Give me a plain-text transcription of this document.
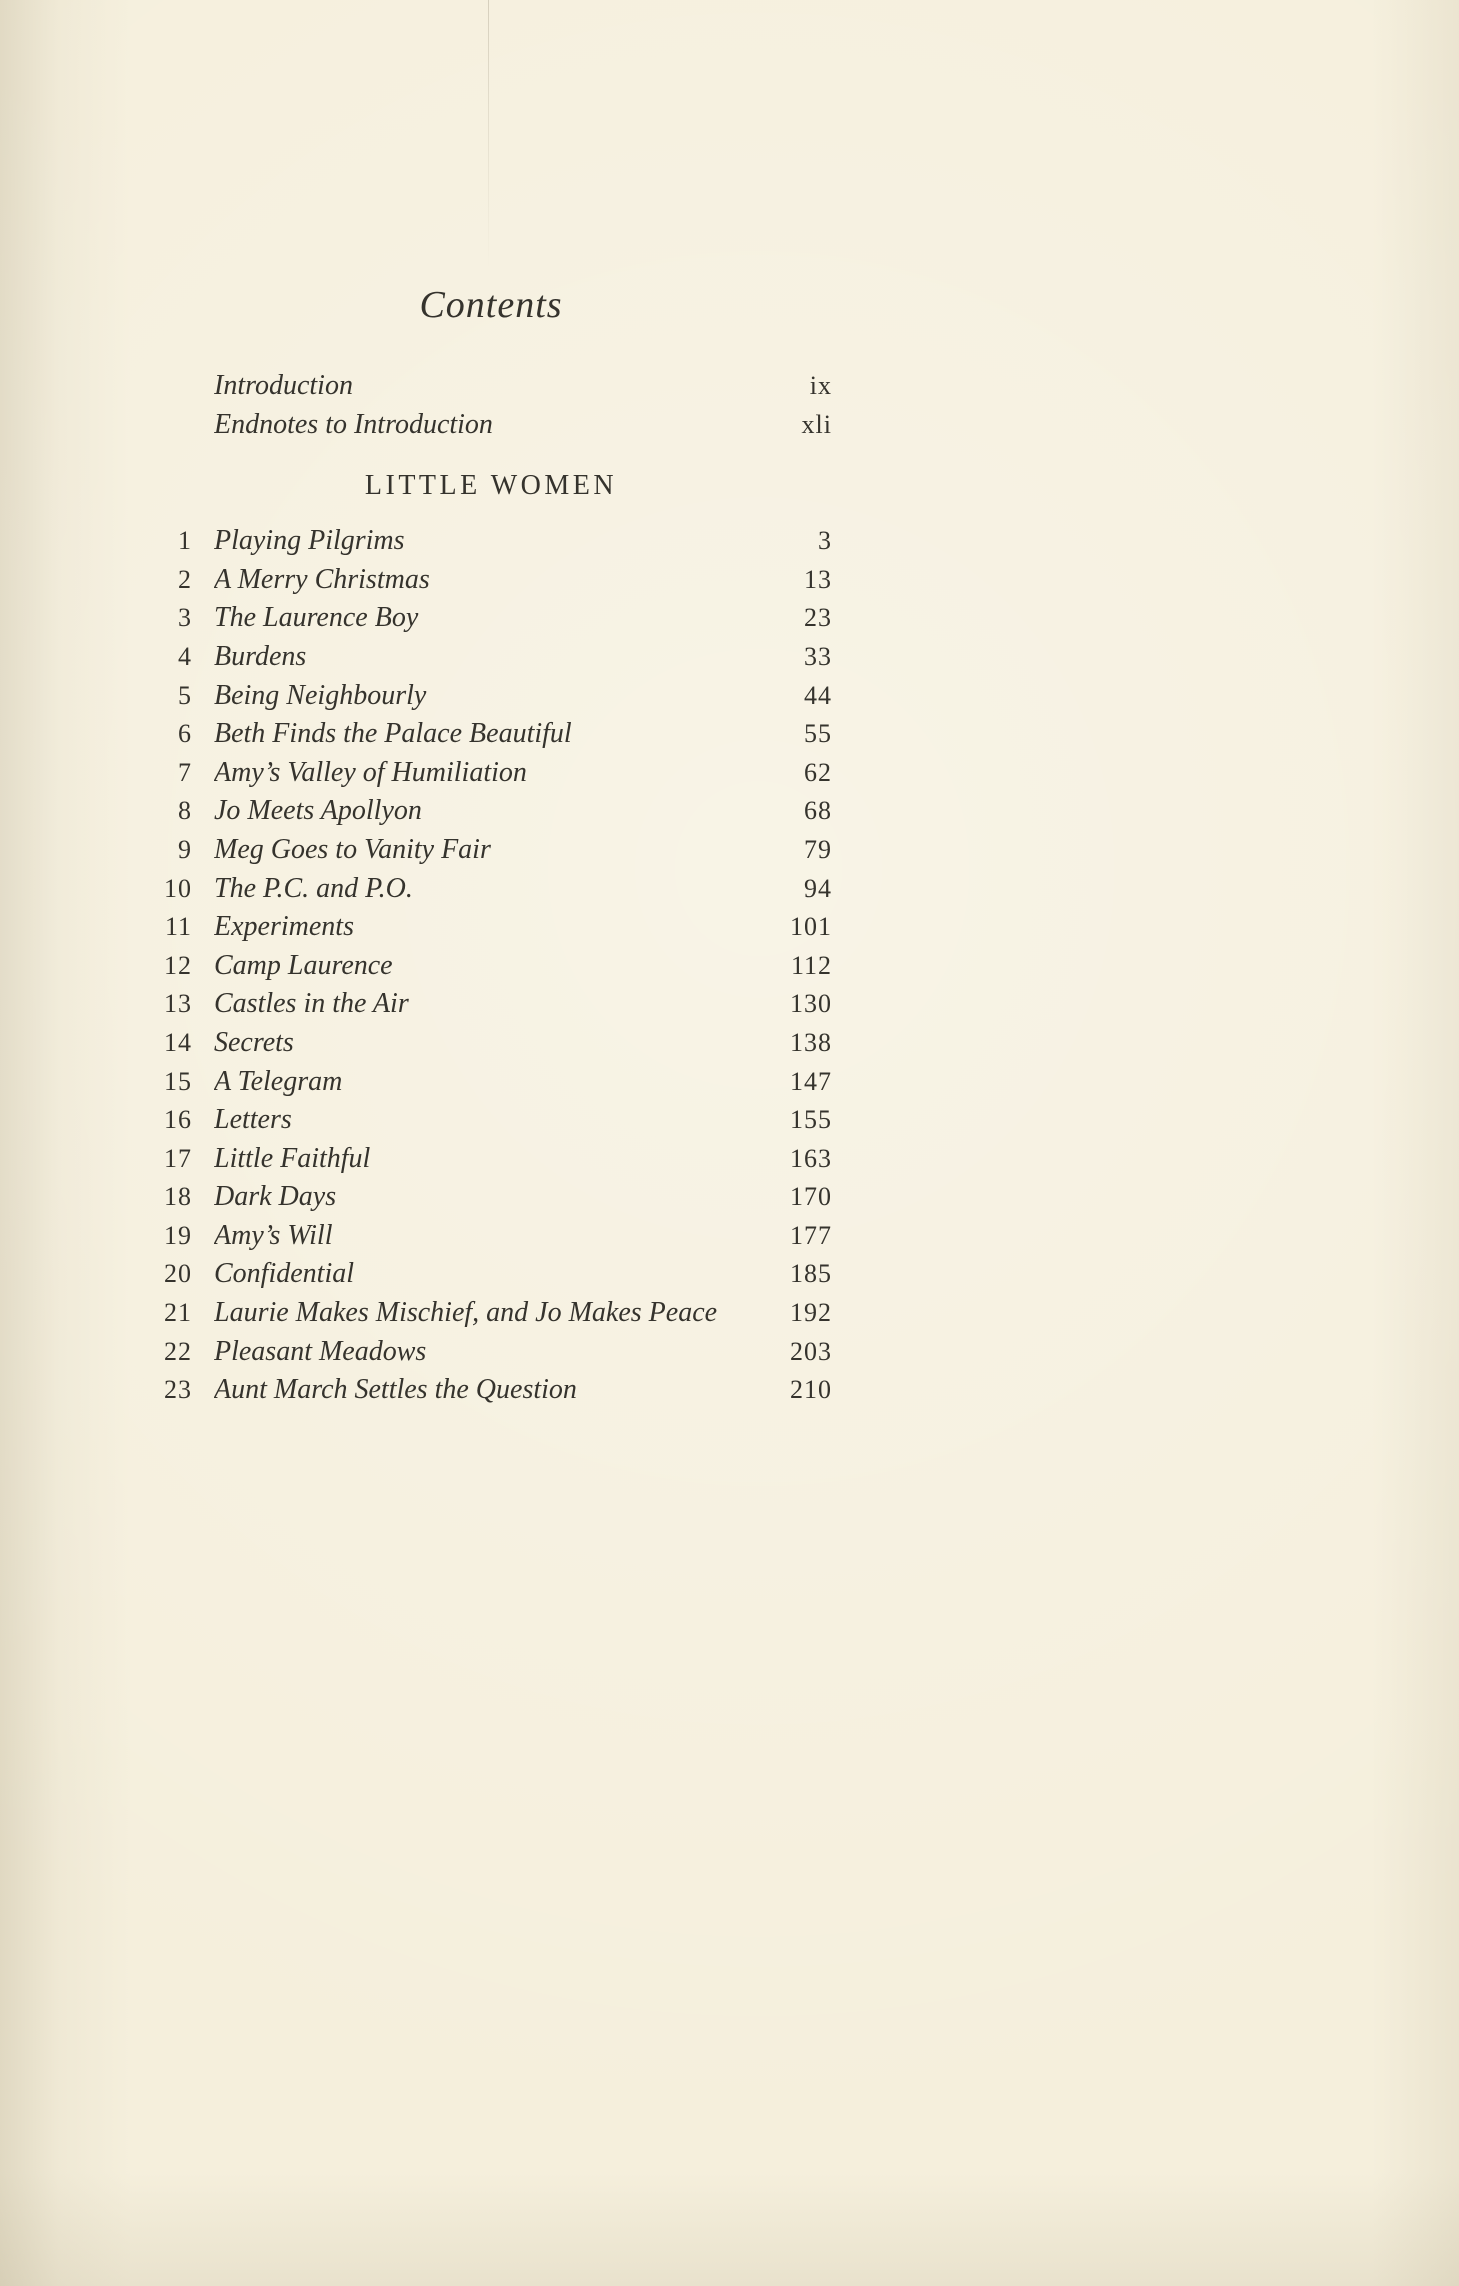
Contents
Introduction	ix
Endnotes to Introduction	xli
LITTLE WOMEN
1 Playing Pilgrims	3
2 A Merry Christmas	13
3 The Laurence Boy	23
4 Burdens	33
5 Being Neighbourly	44
6 Beth Finds the Palace Beautiful	55
7 Amy’s Valley of Humiliation	62
8 Jo Meets Apollyon	68
9 Meg Goes to Vanity Fair	79
10 The P.C. and P.O.	94
11 Experiments	101
12 Camp Laurence	112
13 Castles in the Air	130
14 Secrets	138
15 A Telegram	147
16 Letters	155
17 Little Faithful	163
18 Dark Days	170
19 Amy’s Will	177
20 Confidential	185
21 Laurie Makes Mischief, and Jo Makes Peace	192
22 Pleasant Meadows	203
23 Aunt March Settles the Question	210
